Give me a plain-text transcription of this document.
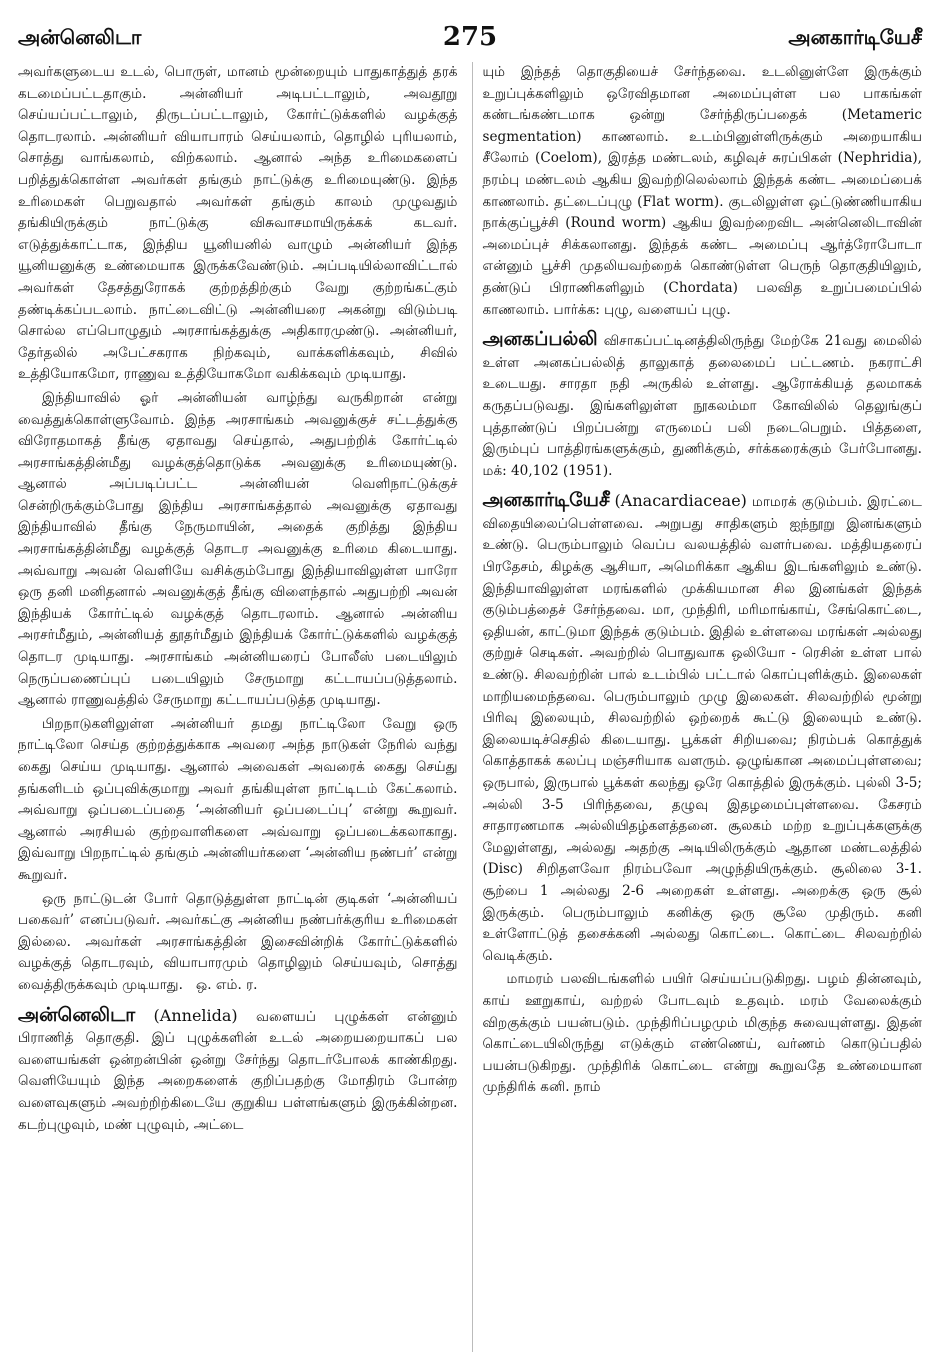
அன்னெலிடா	275	அனகார்டியேசீ

அவர்களுடைய உடல், பொருள், மானம் மூன்றையும் பாதுகாத்துத் தரக் கடமைப்பட்டதாகும். அன்னியர் அடிபட்டாலும், அவதூறு செய்யப்பட்டாலும், திருடப்பட்டாலும், கோர்ட்டுக்களில் வழக்குத் தொடரலாம். அன்னியர் வியாபாரம் செய்யலாம், தொழில் புரியலாம், சொத்து வாங்கலாம், விற்கலாம். ஆனால் அந்த உரிமைகளைப் பறித்துக்கொள்ள அவர்கள் தங்கும் நாட்டுக்கு உரிமையுண்டு. இந்த உரிமைகள் பெறுவதால் அவர்கள் தங்கும் காலம் முழுவதும் தங்கியிருக்கும் நாட்டுக்கு விசுவாசமாயிருக்கக் கடவர். எடுத்துக்காட்டாக, இந்திய யூனியனில் வாழும் அன்னியர் இந்த யூனியனுக்கு உண்மையாக இருக்கவேண்டும். அப்படியில்லாவிட்டால் அவர்கள் தேசத்துரோகக் குற்றத்திற்கும் வேறு குற்றங்கட்கும் தண்டிக்கப்படலாம். நாட்டைவிட்டு அன்னியரை அகன்று விடும்படி சொல்ல எப்பொழுதும் அரசாங்கத்துக்கு அதிகாரமுண்டு. அன்னியர், தேர்தலில் அபேட்சகராக நிற்கவும், வாக்களிக்கவும், சிவில் உத்தியோகமோ, ராணுவ உத்தியோகமோ வகிக்கவும் முடியாது.

இந்தியாவில் ஓர் அன்னியன் வாழ்ந்து வருகிறான் என்று வைத்துக்கொள்ளுவோம். இந்த அரசாங்கம் அவனுக்குச் சட்டத்துக்கு விரோதமாகத் தீங்கு ஏதாவது செய்தால், அதுபற்றிக் கோர்ட்டில் அரசாங்கத்தின்மீது வழக்குத்தொடுக்க அவனுக்கு உரிமையுண்டு. ஆனால் அப்படிப்பட்ட அன்னியன் வெளிநாட்டுக்குச் சென்றிருக்கும்போது இந்திய அரசாங்கத்தால் அவனுக்கு ஏதாவது இந்தியாவில் தீங்கு நேருமாயின், அதைக் குறித்து இந்திய அரசாங்கத்தின்மீது வழக்குத் தொடர அவனுக்கு உரிமை கிடையாது. அவ்வாறு அவன் வெளியே வசிக்கும்போது இந்தியாவிலுள்ள யாரோ ஒரு தனி மனிதனால் அவனுக்குத் தீங்கு விளைந்தால் அதுபற்றி அவன் இந்தியக் கோர்ட்டில் வழக்குத் தொடரலாம். ஆனால் அன்னிய அரசர்மீதும், அன்னியத் தூதர்மீதும் இந்தியக் கோர்ட்டுக்களில் வழக்குத் தொடர முடியாது. அரசாங்கம் அன்னியரைப் போலீஸ் படையிலும் நெருப்பணைப்புப் படையிலும் சேருமாறு கட்டாயப்படுத்தலாம். ஆனால் ராணுவத்தில் சேருமாறு கட்டாயப்படுத்த முடியாது.

பிறநாடுகளிலுள்ள அன்னியர் தமது நாட்டிலோ வேறு ஒரு நாட்டிலோ செய்த குற்றத்துக்காக அவரை அந்த நாடுகள் நேரில் வந்து கைது செய்ய முடியாது. ஆனால் அவைகள் அவரைக் கைது செய்து தங்களிடம் ஒப்புவிக்குமாறு அவர் தங்கியுள்ள நாட்டிடம் கேட்கலாம். அவ்வாறு ஒப்படைப்பதை ‘அன்னியர் ஒப்படைப்பு’ என்று கூறுவர். ஆனால் அரசியல் குற்றவாளிகளை அவ்வாறு ஒப்படைக்கலாகாது. இவ்வாறு பிறநாட்டில் தங்கும் அன்னியர்களை ‘அன்னிய நண்பர்’ என்று கூறுவர்.

ஒரு நாட்டுடன் போர் தொடுத்துள்ள நாட்டின் குடிகள் ‘அன்னியப் பகைவர்’ எனப்படுவர். அவர்கட்கு அன்னிய நண்பர்க்குரிய உரிமைகள் இல்லை. அவர்கள் அரசாங்கத்தின் இசைவின்றிக் கோர்ட்டுக்களில் வழக்குத் தொடரவும், வியாபாரமும் தொழிலும் செய்யவும், சொத்து வைத்திருக்கவும் முடியாது. ஒ. எம். ர.

அன்னெலிடா (Annelida) வளையப் புழுக்கள் என்னும் பிராணித் தொகுதி. இப் புழுக்களின் உடல் அறையறையாகப் பல வளையங்கள் ஒன்றன்பின் ஒன்று சேர்ந்து தொடர்போலக் காண்கிறது. வெளியேயும் இந்த அறைகளைக் குறிப்பதற்கு மோதிரம் போன்ற வளைவுகளும் அவற்றிற்கிடையே குறுகிய பள்ளங்களும் இருக்கின்றன. கடற்புழுவும், மண் புழுவும், அட்டை

யும் இந்தத் தொகுதியைச் சேர்ந்தவை. உடலினுள்ளே இருக்கும் உறுப்புக்களிலும் ஒரேவிதமான அமைப்புள்ள பல பாகங்கள் கண்டங்கண்டமாக ஒன்று சேர்ந்திருப்பதைக் (Metameric segmentation) காணலாம். உடம்பினுள்ளிருக்கும் அறையாகிய சீலோம் (Coelom), இரத்த மண்டலம், கழிவுச் சுரப்பிகள் (Nephridia), நரம்பு மண்டலம் ஆகிய இவற்றிலெல்லாம் இந்தக் கண்ட அமைப்பைக் காணலாம். தட்டைப்புழு (Flat worm). குடலிலுள்ள ஒட்டுண்ணியாகிய நாக்குப்பூச்சி (Round worm) ஆகிய இவற்றைவிட அன்னெலிடாவின் அமைப்புச் சிக்கலானது. இந்தக் கண்ட அமைப்பு ஆர்த்ரோபோடா என்னும் பூச்சி முதலியவற்றைக் கொண்டுள்ள பெருந் தொகுதியிலும், தண்டுப் பிராணிகளிலும் (Chordata) பலவித உறுப்பமைப்பில் காணலாம். பார்க்க: புழு, வளையப் புழு.

அனகப்பல்லி விசாகப்பட்டினத்திலிருந்து மேற்கே 21வது மைலில் உள்ள அனகப்பல்லித் தாலுகாத் தலைமைப் பட்டணம். நகராட்சி உடையது. சாரதா நதி அருகில் உள்ளது. ஆரோக்கியத் தலமாகக் கருதப்படுவது. இங்களிலுள்ள நூகலம்மா கோவிலில் தெலுங்குப் புத்தாண்டுப் பிறப்பன்று எருமைப் பலி நடைபெறும். பித்தளை, இரும்புப் பாத்திரங்களுக்கும், துணிக்கும், சர்க்கரைக்கும் பேர்போனது. மக்: 40,102 (1951).

அனகார்டியேசீ (Anacardiaceae) மாமரக் குடும்பம். இரட்டை விதையிலைப்பெள்ளவை. அறுபது சாதிகளும் ஐந்நூறு இனங்களும் உண்டு. பெரும்பாலும் வெப்ப வலயத்தில் வளர்பவை. மத்தியதரைப் பிரதேசம், கிழக்கு ஆசியா, அமெரிக்கா ஆகிய இடங்களிலும் உண்டு. இந்தியாவிலுள்ள மரங்களில் முக்கியமான சில இனங்கள் இந்தக் குடும்பத்தைச் சேர்ந்தவை. மா, முந்திரி, மரிமாங்காய், சேங்கொட்டை, ஒதியன், காட்டுமா இந்தக் குடும்பம். இதில் உள்ளவை மரங்கள் அல்லது குற்றுச் செடிகள். அவற்றில் பொதுவாக ஒலியோ - ரெசின் உள்ள பால் உண்டு. சிலவற்றின் பால் உடம்பில் பட்டால் கொப்புளிக்கும். இலைகள் மாறியமைந்தவை. பெரும்பாலும் முழு இலைகள். சிலவற்றில் மூன்று பிரிவு இலையும், சிலவற்றில் ஒற்றைக் கூட்டு இலையும் உண்டு. இலையடிச்செதில் கிடையாது. பூக்கள் சிறியவை; நிரம்பக் கொத்துக் கொத்தாகக் கலப்பு மஞ்சரியாக வளரும். ஒழுங்கான அமைப்புள்ளவை; ஒருபால், இருபால் பூக்கள் கலந்து ஒரே கொத்தில் இருக்கும். புல்லி 3-5; அல்லி 3-5 பிரிந்தவை, தழுவு இதழமைப்புள்ளவை. கேசரம் சாதாரணமாக அல்லியிதழ்களத்தனை. சூலகம் மற்ற உறுப்புக்களுக்கு மேலுள்ளது, அல்லது அதற்கு அடியிலிருக்கும் ஆதான மண்டலத்தில் (Disc) சிறிதளவோ நிரம்பவோ அழுந்தியிருக்கும். சூலிலை 3-1. சூற்பை 1 அல்லது 2-6 அறைகள் உள்ளது. அறைக்கு ஒரு சூல் இருக்கும். பெரும்பாலும் கனிக்கு ஒரு சூலே முதிரும். கனி உள்ளோட்டுத் தசைக்கனி அல்லது கொட்டை. கொட்டை சிலவற்றில் வெடிக்கும்.

மாமரம் பலவிடங்களில் பயிர் செய்யப்படுகிறது. பழம் தின்னவும், காய் ஊறுகாய், வற்றல் போடவும் உதவும். மரம் வேலைக்கும் விறகுக்கும் பயன்படும். முந்திரிப்பழமும் மிகுந்த சுவையுள்ளது. இதன் கொட்டையிலிருந்து எடுக்கும் எண்ணெய், வர்ணம் கொடுப்பதில் பயன்படுகிறது. முந்திரிக் கொட்டை என்று கூறுவதே உண்மையான முந்திரிக் கனி. நாம்
